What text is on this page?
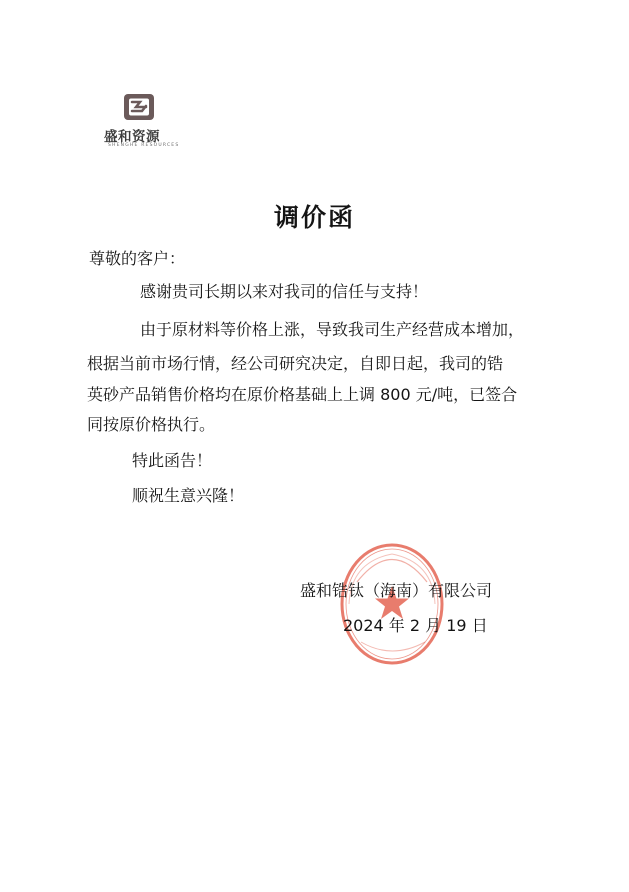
盛和资源
SHENGHE RESOURCES
调价函
尊敬的客户：
感谢贵司长期以来对我司的信任与支持！
由于原材料等价格上涨，导致我司生产经营成本增加，
根据当前市场行情，经公司研究决定，自即日起，我司的锆
英砂产品销售价格均在原价格基础上上调 800 元/吨，已签合
同按原价格执行。
特此函告！
顺祝生意兴隆！
盛和锆钛（海南）有限公司
2024 年 2 月 19 日
